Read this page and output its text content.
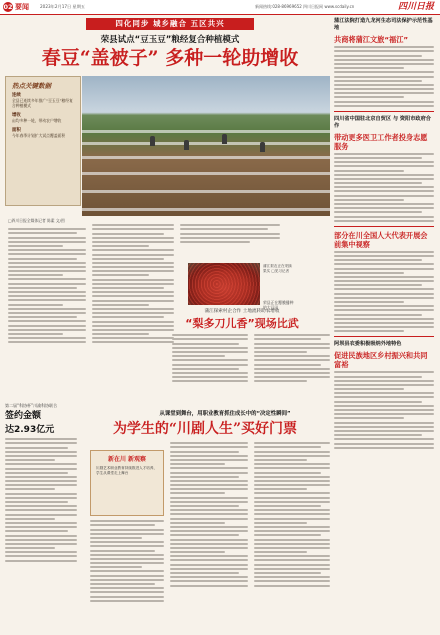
02 要闻	2023年2月17日 星期五	新闻热线:028-86969652 四川日报网 www.scdaily.cn	四川日报
四化同步 城乡融合 五区共兴
荣县试点“豆玉豆”粮经复合种植模式
春豆“盖被子” 多种一轮助增收
热点关键数据
连续
全县已连续多年推广“豆玉豆”粮经复合种植模式
增收
亩均多种一轮，带动农户增收
面积
今年春季计划扩大试点覆盖面积
□四川日报全媒体记者 陈素 文/图
荣县正在覆膜播种的大豆田
蒲江梨农正在采摘果实 □见习记者
蒲江探索村企合作 土地流转助农增收
“梨多刀儿香”现场比武
蒲江法院打造九龙河生态司法保护示范性基地
共商将蒲江文旅“福江”
四川省中国驻北京自贸区 与 资阳市政府合作
带动更多医卫工作者投身志愿服务
部分在川全国人大代表开展会前集中视察
阿坝县农委积极吸纳外地特色
促进民族地区乡村振兴和共同富裕
第二届“科协杯”川渝科协联合
签约金额
达2.93亿元
从课堂到舞台，用职业教育抓住成长中的“决定性瞬间”
为学生的“川剧人生”买好门票
新在川 新观察
川剧艺术职业教育持续推进人才培养，学生从课堂走上舞台
